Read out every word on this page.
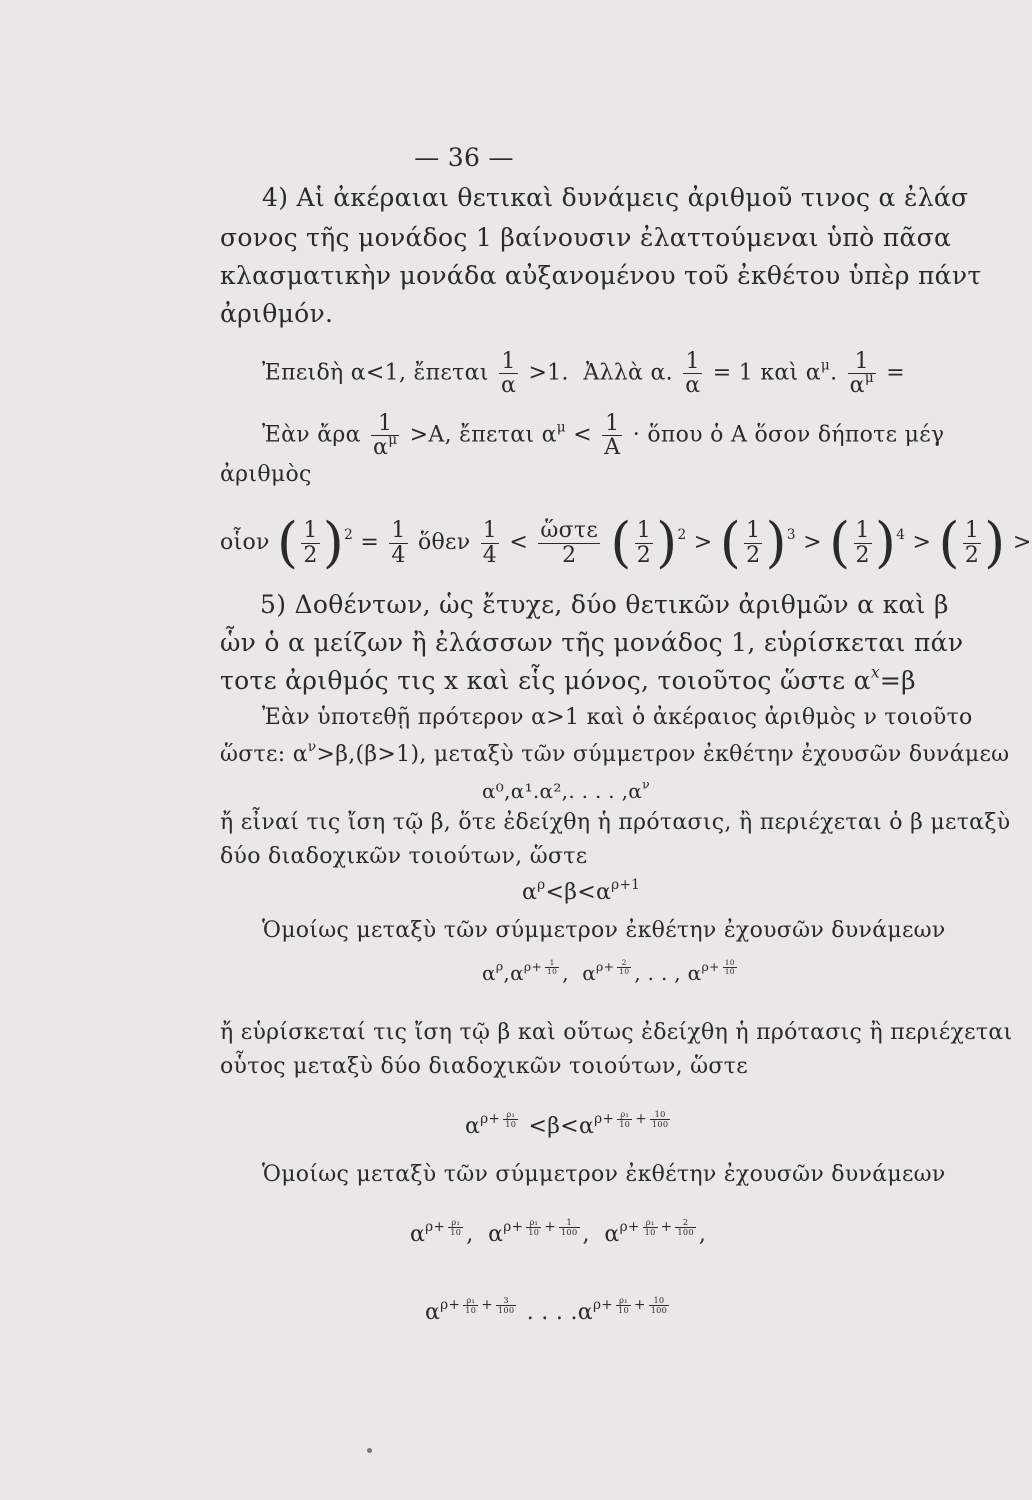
— 36 —
4) Αἱ ἀκέραιαι θετικαὶ δυνάμεις ἀριθμοῦ τινος α ἐλάσ
σονος τῆς μονάδος 1 βαίνουσιν ἐλαττούμεναι ὑπὸ πᾶσα
κλασματικὴν μονάδα αὐξανομένου τοῦ ἐκθέτου ὑπὲρ πάντ
ἀριθμόν.
Ἐπειδὴ α<1, ἔπεται $\frac{1}{\alpha} >1$. Ἀλλὰ α. $\frac{1}{\alpha} = 1$ καὶ $\alpha^\mu$. $\frac{1}{\alpha^\mu}$ =
Ἐὰν ἄρα $\frac{1}{\alpha^\mu} >A$, ἔπεται $\alpha^\mu < \frac{1}{A}$ · ὅπου ὁ Α ὅσον δήποτε μέγ
ἀριθμὸς
οἷον ( $\frac{1}{2} )^2 = \frac{1}{4}$ ὅθεν $\frac{1}{4} < \frac{\text{ὥστε}}{2}$ ( $\frac{1}{2} )^2$ > ( $\frac{1}{2} )^3$ > ( $\frac{1}{2} )^4$ > ( $\frac{1}{2}$ ) >
5) Δοθέντων, ὡς ἔτυχε, δύο θετικῶν ἀριθμῶν α καὶ β
ὧν ὁ α μείζων ἢ ἐλάσσων τῆς μονάδος 1, εὑρίσκεται πάν
τοτε ἀριθμός τις x καὶ εἷς μόνος, τοιοῦτος ὥστε $\alpha^x=\beta$
Ἐὰν ὑποτεθῇ πρότερον α>1 καὶ ὁ ἀκέραιος ἀριθμὸς ν τοιοῦτο
ὥστε: $\alpha^\nu>\beta,(\beta>1)$, μεταξὺ τῶν σύμμετρον ἐκθέτην ἐχουσῶν δυνάμεω
α⁰,α¹.α²,. . . . $,\alpha^\nu$
ἤ εἶναί τις ἴση τῷ β, ὅτε ἐδείχθη ἡ πρότασις, ἢ περιέχεται ὁ β μεταξὺ
δύο διαδοχικῶν τοιούτων, ὥστε
$\alpha^\rho<\beta<\alpha^{\rho+1}$
Ὁμοίως μεταξὺ τῶν σύμμετρον ἐκθέτην ἐχουσῶν δυνάμεων
$\alpha^\rho,\alpha^{\rho+ \frac{1}{10}}$ , $\alpha^{\rho+ \frac{2}{10}}$ , . . , $\alpha^{\rho+ \frac{10}{10}}$
ἤ εὑρίσκεταί τις ἴση τῷ β καὶ οὕτως ἐδείχθη ἡ πρότασις ἢ περιέχεται
οὗτος μεταξὺ δύο διαδοχικῶν τοιούτων, ὥστε
$\alpha^{\rho+ \frac{\text{ρ₁}}{10}} <\beta<\alpha^{\rho+ \frac{\text{ρ₁}}{10} + \frac{10}{100}}$
Ὁμοίως μεταξὺ τῶν σύμμετρον ἐκθέτην ἐχουσῶν δυνάμεων
$\alpha^{\rho+ \frac{\text{ρ₁}}{10}}$ , $\alpha^{\rho+ \frac{\text{ρ₁}}{10} + \frac{1}{100}}$ , $\alpha^{\rho+ \frac{\text{ρ₁}}{10} + \frac{2}{100}}$ ,
$\alpha^{\rho+ \frac{\text{ρ₁}}{10} + \frac{3}{100}}$ . . . $.\alpha^{\rho+ \frac{\text{ρ₁}}{10} + \frac{10}{100}}$
